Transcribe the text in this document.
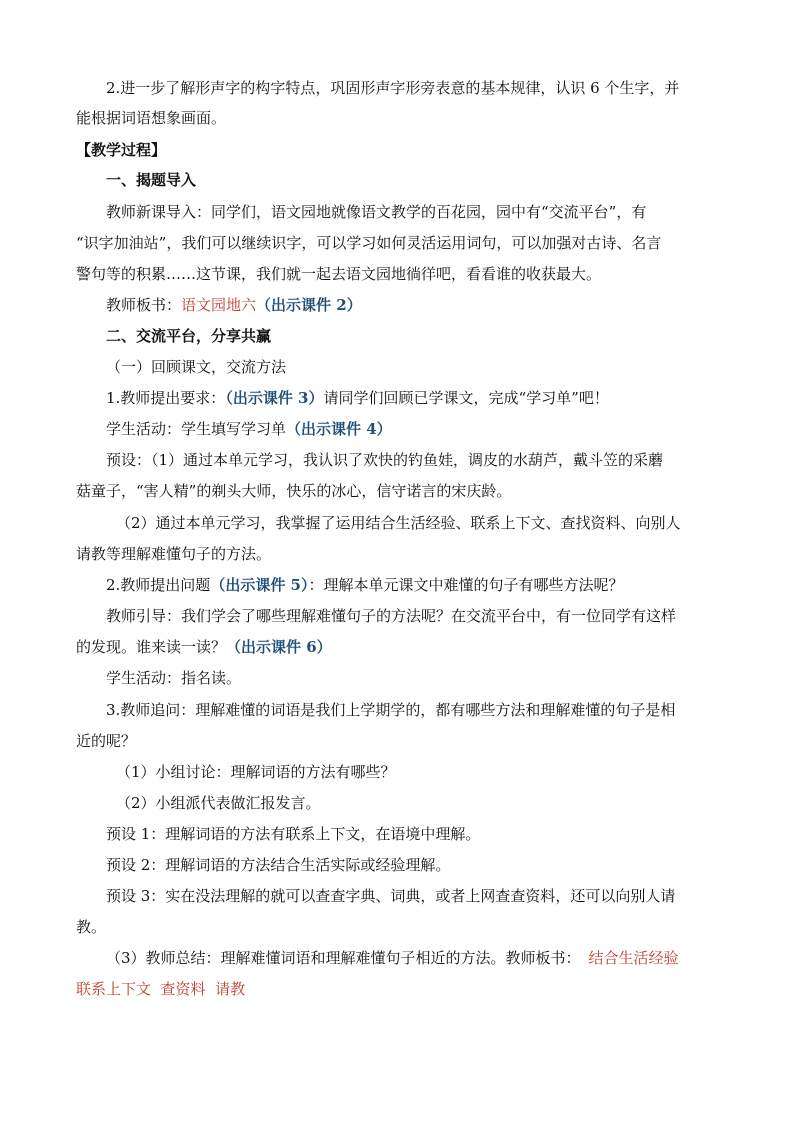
2.进一步了解形声字的构字特点，巩固形声字形旁表意的基本规律，认识 6 个生字，并
能根据词语想象画面。
【教学过程】
一、揭题导入
教师新课导入：同学们，语文园地就像语文教学的百花园，园中有“交流平台”，有
“识字加油站”，我们可以继续识字，可以学习如何灵活运用词句，可以加强对古诗、名言
警句等的积累……这节课，我们就一起去语文园地徜徉吧，看看谁的收获最大。
教师板书：语文园地六（出示课件 2）
二、交流平台，分享共赢
（一）回顾课文，交流方法
1.教师提出要求：（出示课件 3）请同学们回顾已学课文，完成“学习单”吧！
学生活动：学生填写学习单（出示课件 4）
预设：（1）通过本单元学习，我认识了欢快的钓鱼娃，调皮的水葫芦，戴斗笠的采蘑
菇童子，“害人精”的剃头大师，快乐的冰心，信守诺言的宋庆龄。
（2）通过本单元学习，我掌握了运用结合生活经验、联系上下文、查找资料、向别人
请教等理解难懂句子的方法。
2.教师提出问题（出示课件 5）：理解本单元课文中难懂的句子有哪些方法呢？
教师引导：我们学会了哪些理解难懂句子的方法呢？在交流平台中，有一位同学有这样
的发现。谁来读一读？（出示课件 6）
学生活动：指名读。
3.教师追问：理解难懂的词语是我们上学期学的，都有哪些方法和理解难懂的句子是相
近的呢？
（1）小组讨论：理解词语的方法有哪些？
（2）小组派代表做汇报发言。
预设 1：理解词语的方法有联系上下文，在语境中理解。
预设 2：理解词语的方法结合生活实际或经验理解。
预设 3：实在没法理解的就可以查查字典、词典，或者上网查查资料，还可以向别人请
教。
（3）教师总结：理解难懂词语和理解难懂句子相近的方法。教师板书： 结合生活经验
联系上下文  查资料  请教
